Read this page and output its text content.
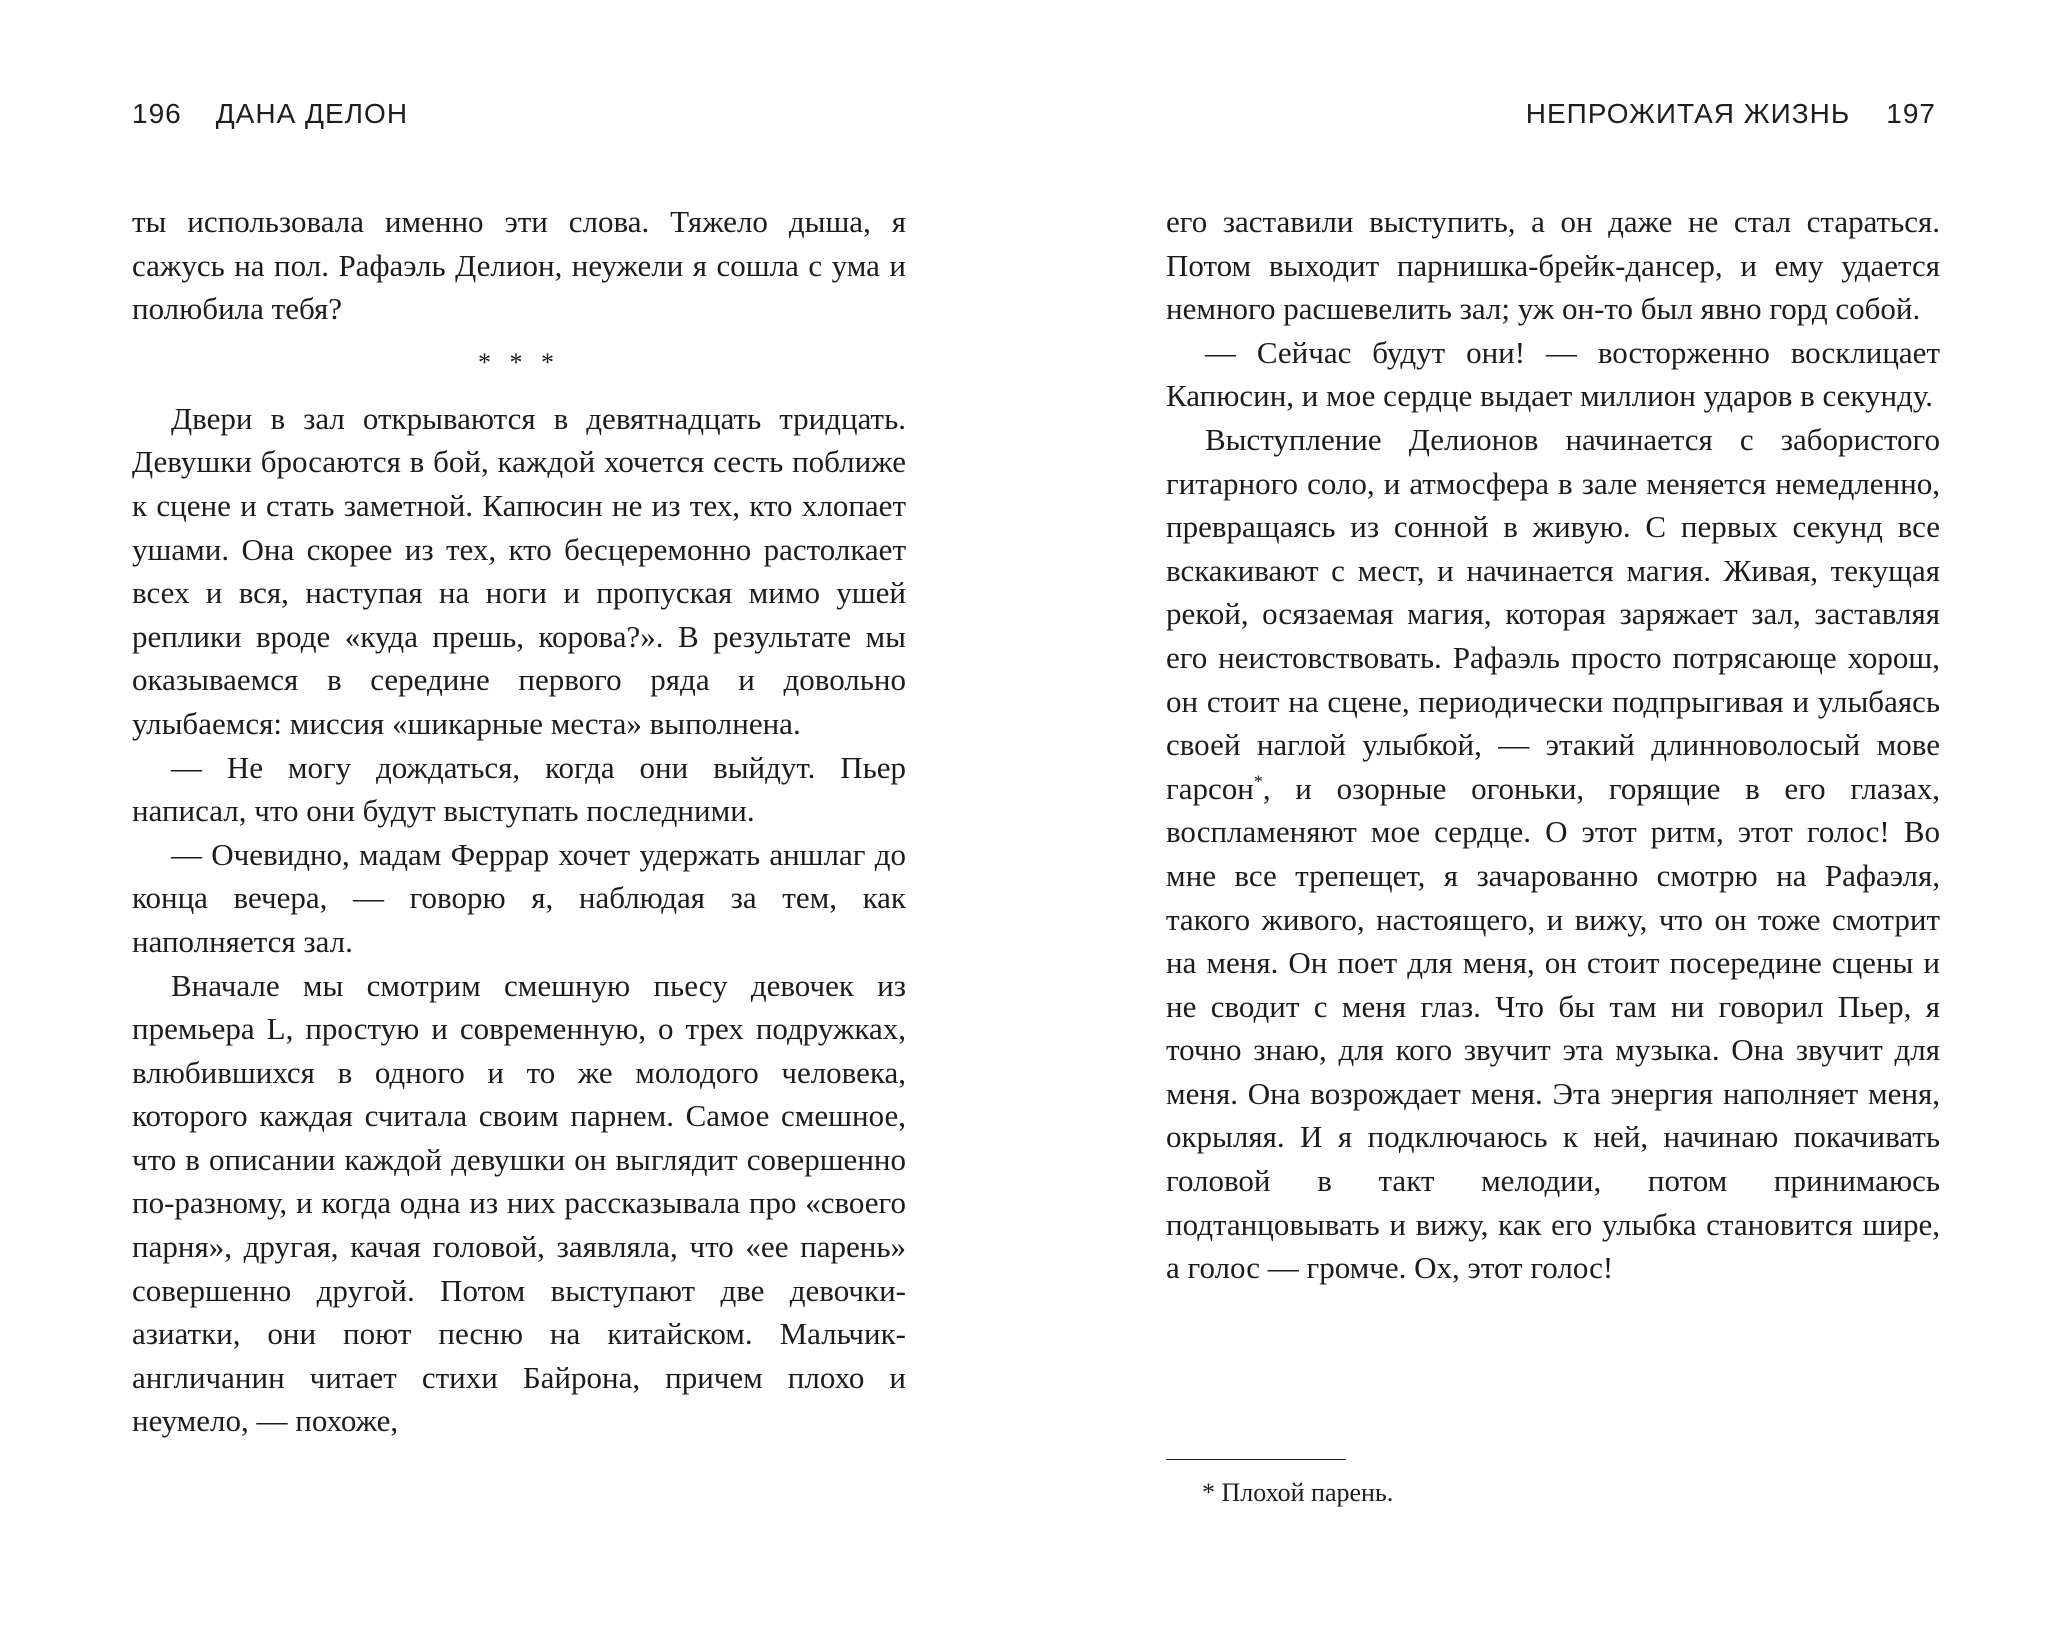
196 ДАНА ДЕЛОН

ты использовала именно эти слова. Тяжело дыша, я сажусь на пол. Рафаэль Делион, неужели я сошла с ума и полюбила тебя?

* * *

Двери в зал открываются в девятнадцать тридцать. Девушки бросаются в бой, каждой хочется сесть поближе к сцене и стать заметной. Капюсин не из тех, кто хлопает ушами. Она скорее из тех, кто бесцеремонно растолкает всех и вся, наступая на ноги и пропуская мимо ушей реплики вроде «куда прешь, корова?». В результате мы оказываемся в середине первого ряда и довольно улыбаемся: миссия «шикарные места» выполнена.

— Не могу дождаться, когда они выйдут. Пьер написал, что они будут выступать последними.

— Очевидно, мадам Феррар хочет удержать аншлаг до конца вечера, — говорю я, наблюдая за тем, как наполняется зал.

Вначале мы смотрим смешную пьесу девочек из премьера L, простую и современную, о трех подружках, влюбившихся в одного и то же молодого человека, которого каждая считала своим парнем. Самое смешное, что в описании каждой девушки он выглядит совершенно по-разному, и когда одна из них рассказывала про «своего парня», другая, качая головой, заявляла, что «ее парень» совершенно другой. Потом выступают две девочки-азиатки, они поют песню на китайском. Мальчик-англичанин читает стихи Байрона, причем плохо и неумело, — похоже,

НЕПРОЖИТАЯ ЖИЗНЬ 197

его заставили выступить, а он даже не стал стараться. Потом выходит парнишка-брейк-дансер, и ему удается немного расшевелить зал; уж он-то был явно горд собой.

— Сейчас будут они! — восторженно восклицает Капюсин, и мое сердце выдает миллион ударов в секунду.

Выступление Делионов начинается с забористого гитарного соло, и атмосфера в зале меняется немедленно, превращаясь из сонной в живую. С первых секунд все вскакивают с мест, и начинается магия. Живая, текущая рекой, осязаемая магия, которая заряжает зал, заставляя его неистовствовать. Рафаэль просто потрясающе хорош, он стоит на сцене, периодически подпрыгивая и улыбаясь своей наглой улыбкой, — этакий длинноволосый мове гарсон*, и озорные огоньки, горящие в его глазах, воспламеняют мое сердце. О этот ритм, этот голос! Во мне все трепещет, я зачарованно смотрю на Рафаэля, такого живого, настоящего, и вижу, что он тоже смотрит на меня. Он поет для меня, он стоит посередине сцены и не сводит с меня глаз. Что бы там ни говорил Пьер, я точно знаю, для кого звучит эта музыка. Она звучит для меня. Она возрождает меня. Эта энергия наполняет меня, окрыляя. И я подключаюсь к ней, начинаю покачивать головой в такт мелодии, потом принимаюсь подтанцовывать и вижу, как его улыбка становится шире, а голос — громче. Ох, этот голос!

* Плохой парень.
